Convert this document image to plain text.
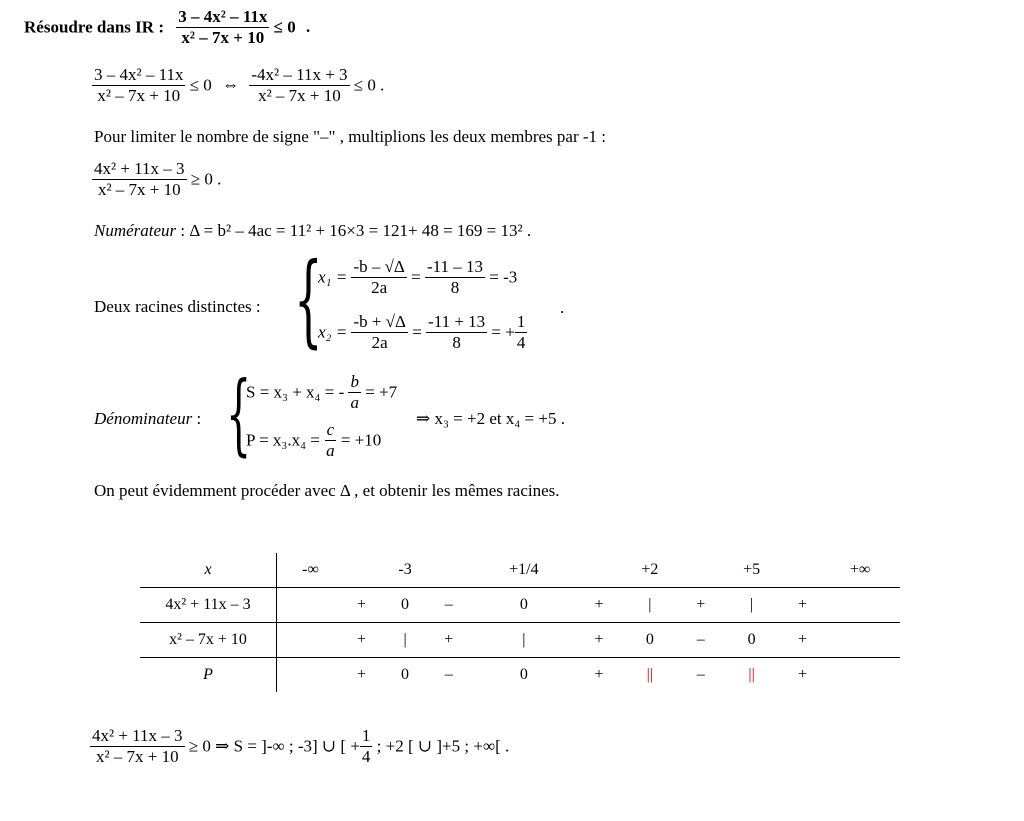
Résoudre dans IR : $\frac{\text{3 – 4x² – 11x}}{\text{x² – 7x + 10}} \le 0$ .
$\frac{\text{3 – 4x² – 11x}}{\text{x² – 7x + 10}} \le 0$ ⇔ $\frac{\text{-4x² – 11x + 3}}{\text{x² – 7x + 10}} \le 0$ .
Pour limiter le nombre de signe "–" , multiplions les deux membres par -1 :
$\frac{\text{4x² + 11x – 3}}{\text{x² – 7x + 10}} \ge 0$ .
Numérateur : Δ = b² – 4ac = 11² + 16×3 = 121+ 48 = 169 = 13² .
Deux racines distinctes : {
$x_1 = \frac{-b - √\Delta}{2a} = \frac{-11 - 13}{8} = -3$
$x_2 = \frac{-b + √\Delta}{2a} = \frac{-11 + 13}{8}$ = + $\frac{1}{4}$
.
Dénominateur : {
S = x₃ + x₄ = - $\frac{b}{a} = +7$
$P = x_3.x_4 = \frac{c}{a} = +10$
⇒ x₃ = +2 et x₄ = +5 .
On peut évidemment procéder avec Δ , et obtenir les mêmes racines.
x	-∞		-3		+1/4		+2		+5		+∞
4x² + 11x – 3		+	0	–	0	+	|	+	|	+	
x² – 7x + 10		+	|	+	|	+	0	–	0	+	
P		+	0	–	0	+	||	–	||	+	
$\frac{\text{4x² + 11x – 3}}{\text{x² – 7x + 10}} \ge 0$ ⇒ S = ]-∞ ; -3] ∪ [ + $\frac{1}{4}$ ; +2 [ ∪ ]+5 ; +∞[ .
